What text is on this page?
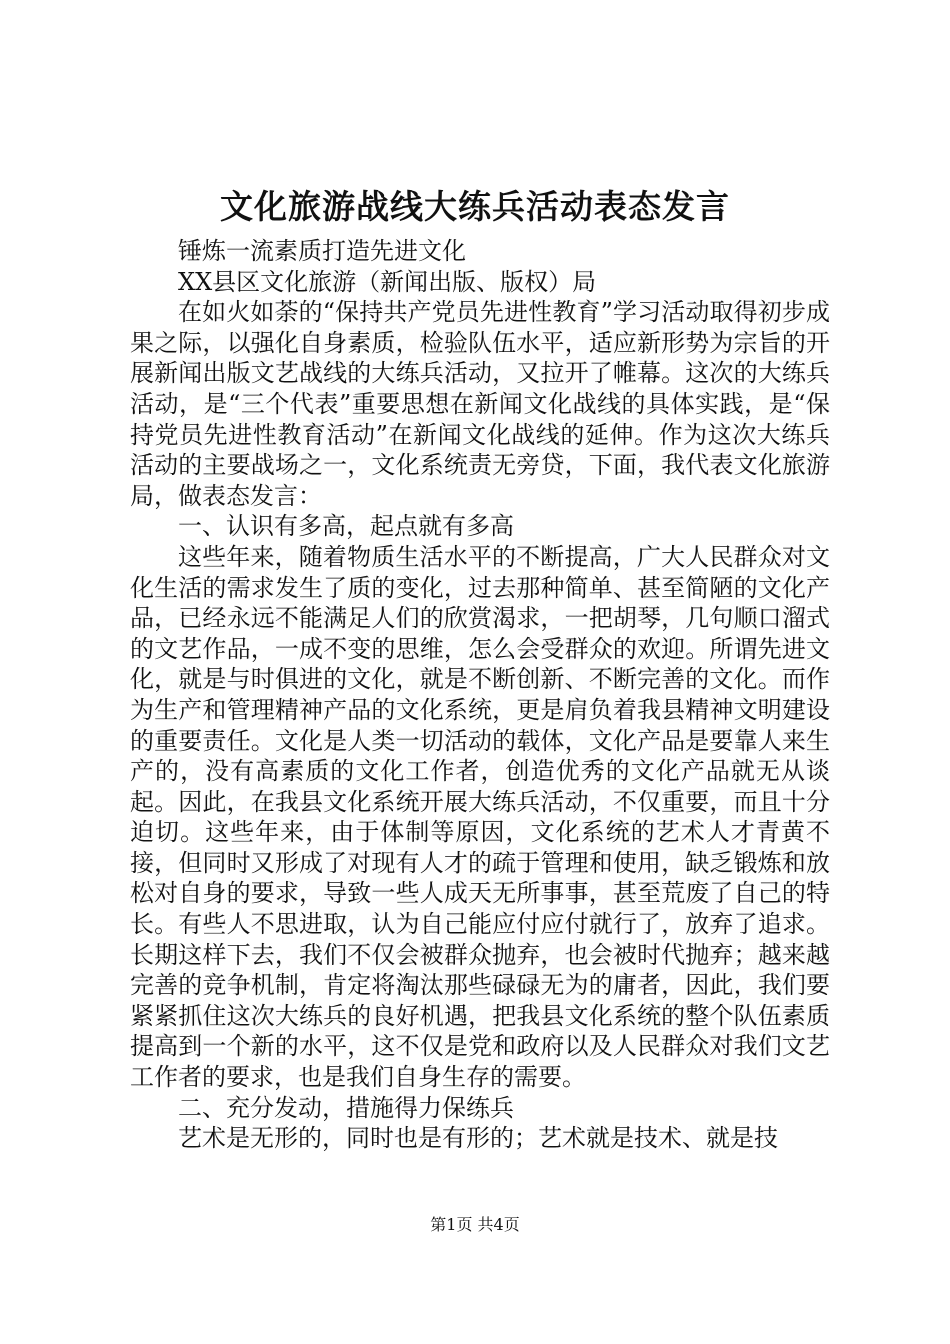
文化旅游战线大练兵活动表态发言

锤炼一流素质打造先进文化

XX县区文化旅游（新闻出版、版权）局

在如火如荼的“保持共产党员先进性教育”学习活动取得初步成果之际，以强化自身素质，检验队伍水平，适应新形势为宗旨的开展新闻出版文艺战线的大练兵活动，又拉开了帷幕。这次的大练兵活动，是“三个代表”重要思想在新闻文化战线的具体实践，是“保持党员先进性教育活动”在新闻文化战线的延伸。作为这次大练兵活动的主要战场之一，文化系统责无旁贷，下面，我代表文化旅游局，做表态发言：

一、认识有多高，起点就有多高

这些年来，随着物质生活水平的不断提高，广大人民群众对文化生活的需求发生了质的变化，过去那种简单、甚至简陋的文化产品，已经永远不能满足人们的欣赏渴求，一把胡琴，几句顺口溜式的文艺作品，一成不变的思维，怎么会受群众的欢迎。所谓先进文化，就是与时俱进的文化，就是不断创新、不断完善的文化。而作为生产和管理精神产品的文化系统，更是肩负着我县精神文明建设的重要责任。文化是人类一切活动的载体，文化产品是要靠人来生产的，没有高素质的文化工作者，创造优秀的文化产品就无从谈起。因此，在我县文化系统开展大练兵活动，不仅重要，而且十分迫切。这些年来，由于体制等原因，文化系统的艺术人才青黄不接，但同时又形成了对现有人才的疏于管理和使用，缺乏锻炼和放松对自身的要求，导致一些人成天无所事事，甚至荒废了自己的特长。有些人不思进取，认为自己能应付应付就行了，放弃了追求。长期这样下去，我们不仅会被群众抛弃，也会被时代抛弃；越来越完善的竞争机制，肯定将淘汰那些碌碌无为的庸者，因此，我们要紧紧抓住这次大练兵的良好机遇，把我县文化系统的整个队伍素质提高到一个新的水平，这不仅是党和政府以及人民群众对我们文艺工作者的要求，也是我们自身生存的需要。

二、充分发动，措施得力保练兵

艺术是无形的，同时也是有形的；艺术就是技术、就是技

第1页 共4页
